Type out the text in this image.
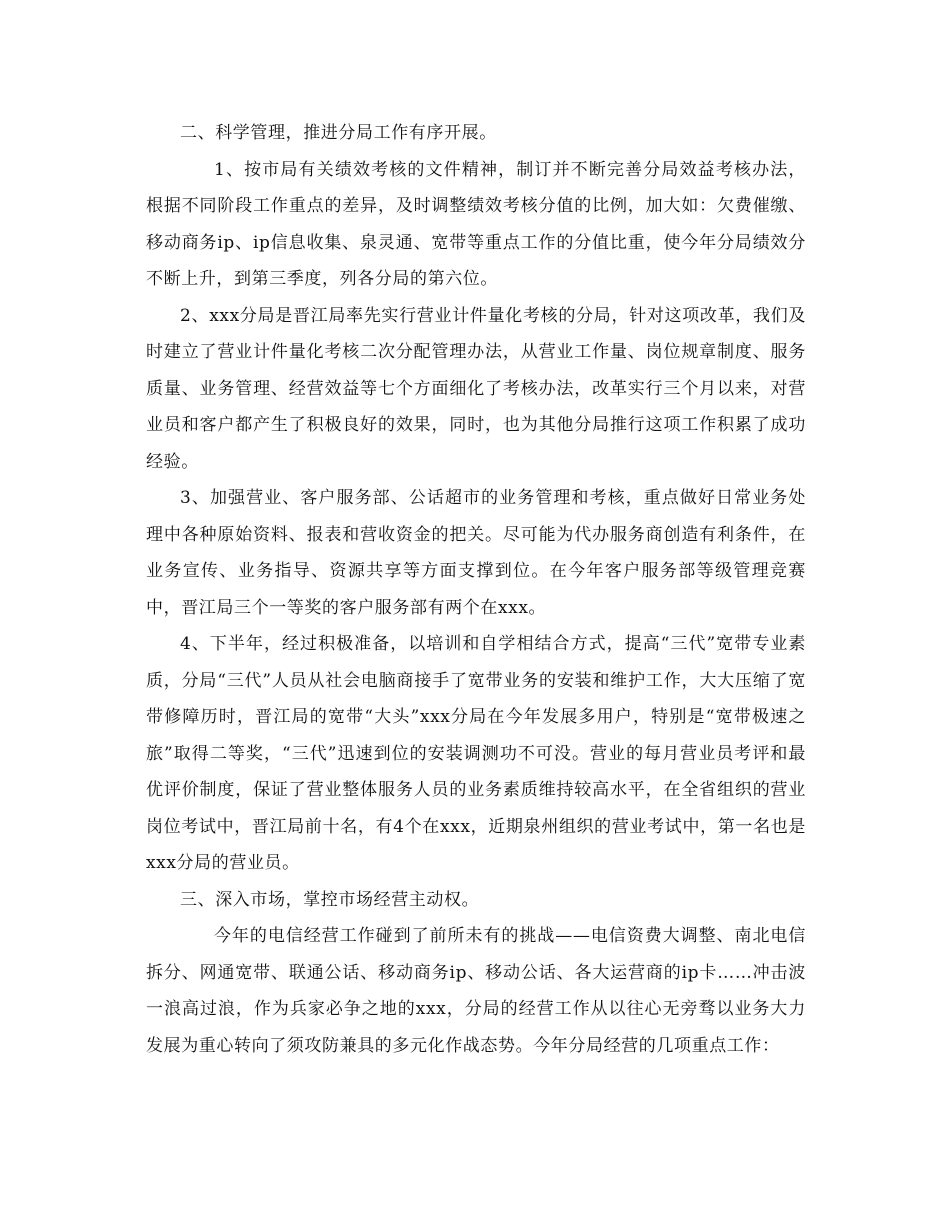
二、科学管理，推进分局工作有序开展。

1、按市局有关绩效考核的文件精神，制订并不断完善分局效益考核办法，根据不同阶段工作重点的差异，及时调整绩效考核分值的比例，加大如：欠费催缴、移动商务ip、ip信息收集、泉灵通、宽带等重点工作的分值比重，使今年分局绩效分不断上升，到第三季度，列各分局的第六位。

2、xxx分局是晋江局率先实行营业计件量化考核的分局，针对这项改革，我们及时建立了营业计件量化考核二次分配管理办法，从营业工作量、岗位规章制度、服务质量、业务管理、经营效益等七个方面细化了考核办法，改革实行三个月以来，对营业员和客户都产生了积极良好的效果，同时，也为其他分局推行这项工作积累了成功经验。

3、加强营业、客户服务部、公话超市的业务管理和考核，重点做好日常业务处理中各种原始资料、报表和营收资金的把关。尽可能为代办服务商创造有利条件，在业务宣传、业务指导、资源共享等方面支撑到位。在今年客户服务部等级管理竞赛中，晋江局三个一等奖的客户服务部有两个在xxx。

4、下半年，经过积极准备，以培训和自学相结合方式，提高“三代”宽带专业素质，分局“三代”人员从社会电脑商接手了宽带业务的安装和维护工作，大大压缩了宽带修障历时，晋江局的宽带“大头”xxx分局在今年发展多用户，特别是“宽带极速之旅”取得二等奖，“三代”迅速到位的安装调测功不可没。营业的每月营业员考评和最优评价制度，保证了营业整体服务人员的业务素质维持较高水平，在全省组织的营业岗位考试中，晋江局前十名，有4个在xxx，近期泉州组织的营业考试中，第一名也是xxx分局的营业员。

三、深入市场，掌控市场经营主动权。

今年的电信经营工作碰到了前所未有的挑战——电信资费大调整、南北电信拆分、网通宽带、联通公话、移动商务ip、移动公话、各大运营商的ip卡……冲击波一浪高过浪，作为兵家必争之地的xxx，分局的经营工作从以往心无旁骛以业务大力发展为重心转向了须攻防兼具的多元化作战态势。今年分局经营的几项重点工作：
